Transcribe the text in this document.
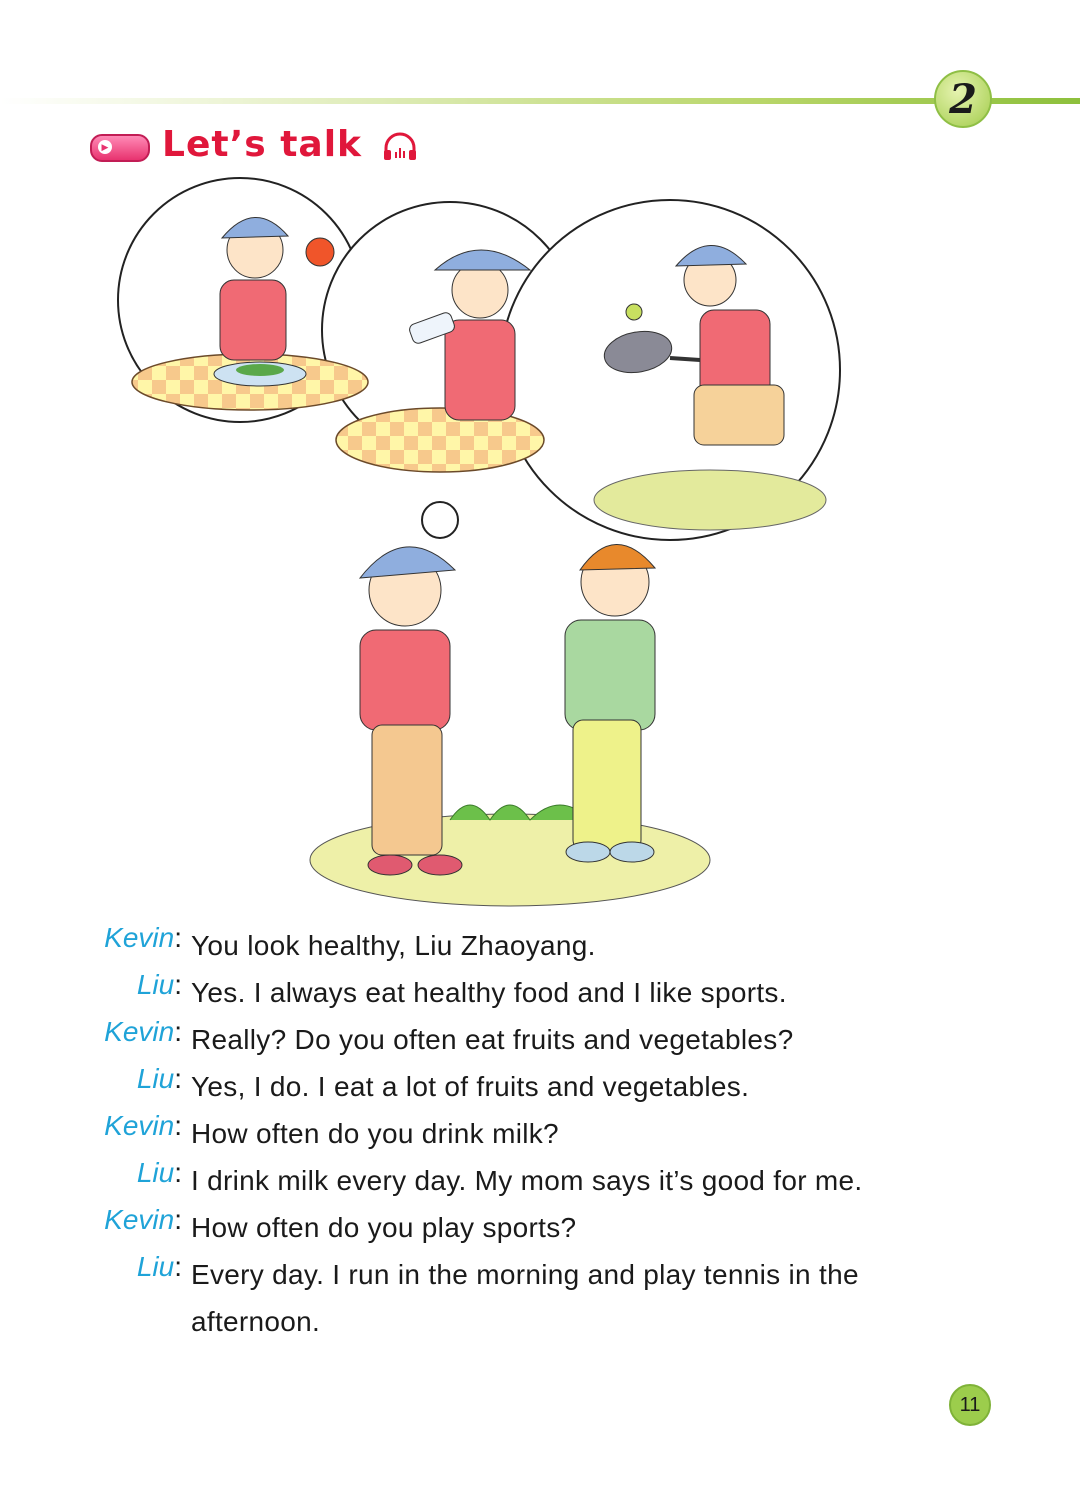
2
▶ Let’s talk
Kevin: You look healthy, Liu Zhaoyang.
Liu: Yes. I always eat healthy food and I like sports.
Kevin: Really? Do you often eat fruits and vegetables?
Liu: Yes, I do. I eat a lot of fruits and vegetables.
Kevin: How often do you drink milk?
Liu: I drink milk every day. My mom says it’s good for me.
Kevin: How often do you play sports?
Liu: Every day. I run in the morning and play tennis in the afternoon.
11
